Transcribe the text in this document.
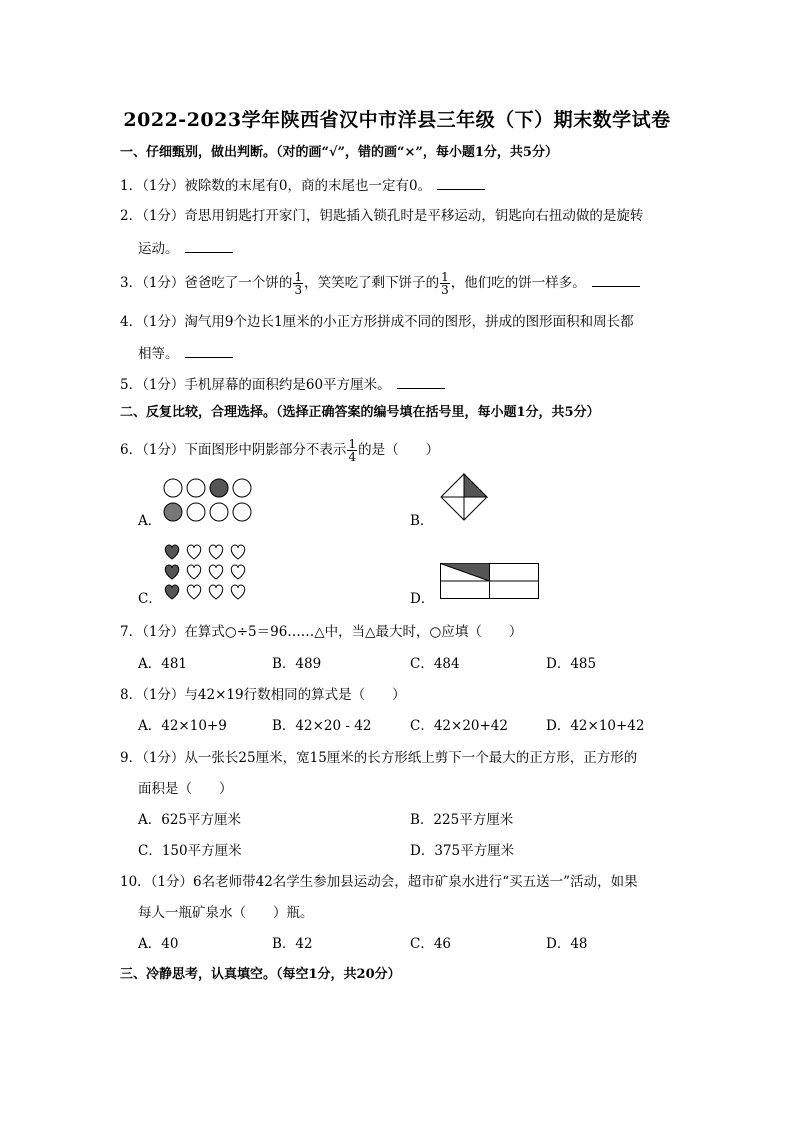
2022-2023学年陕西省汉中市洋县三年级（下）期末数学试卷
一、仔细甄别，做出判断。（对的画“√”，错的画“×”，每小题1分，共5分）
1．（1分）被除数的末尾有0，商的末尾也一定有0。
2．（1分）奇思用钥匙打开家门，钥匙插入锁孔时是平移运动，钥匙向右扭动做的是旋转
运动。
3．（1分）爸爸吃了一个饼的 $\frac{1}{3}$ ，笑笑吃了剩下饼子的 $\frac{1}{3}$ ，他们吃的饼一样多。
4．（1分）淘气用9个边长1厘米的小正方形拼成不同的图形，拼成的图形面积和周长都
相等。
5．（1分）手机屏幕的面积约是60平方厘米。
二、反复比较，合理选择。（选择正确答案的编号填在括号里，每小题1分，共5分）
6．（1分）下面图形中阴影部分不表示 $\frac{1}{4}$ 的是（　　）
A．	B．
C．	D．
7．（1分）在算式○÷5＝96……△中，当△最大时，○应填（　　）
A．481	B．489	C．484	D．485
8．（1分）与42×19行数相同的算式是（　　）
A．42×10+9	B．42×20 - 42	C．42×20+42	D．42×10+42
9．（1分）从一张长25厘米，宽15厘米的长方形纸上剪下一个最大的正方形，正方形的
面积是（　　）
A．625平方厘米	B．225平方厘米
C．150平方厘米	D．375平方厘米
10．（1分）6名老师带42名学生参加县运动会，超市矿泉水进行“买五送一”活动，如果
每人一瓶矿泉水（　　）瓶。
A．40	B．42	C．46	D．48
三、冷静思考，认真填空。（每空1分，共20分）
